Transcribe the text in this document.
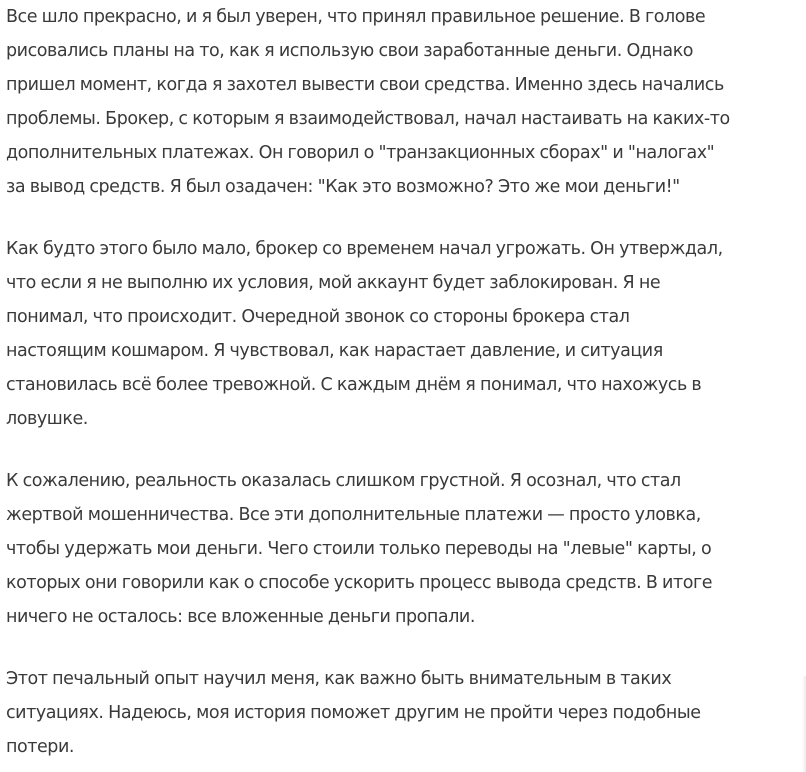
Все шло прекрасно, и я был уверен, что принял правильное решение. В голове
рисовались планы на то, как я использую свои заработанные деньги. Однако
пришел момент, когда я захотел вывести свои средства. Именно здесь начались
проблемы. Брокер, с которым я взаимодействовал, начал настаивать на каких-то
дополнительных платежах. Он говорил о "транзакционных сборах" и "налогах"
за вывод средств. Я был озадачен: "Как это возможно? Это же мои деньги!"

Как будто этого было мало, брокер со временем начал угрожать. Он утверждал,
что если я не выполню их условия, мой аккаунт будет заблокирован. Я не
понимал, что происходит. Очередной звонок со стороны брокера стал
настоящим кошмаром. Я чувствовал, как нарастает давление, и ситуация
становилась всё более тревожной. С каждым днём я понимал, что нахожусь в
ловушке.

К сожалению, реальность оказалась слишком грустной. Я осознал, что стал
жертвой мошенничества. Все эти дополнительные платежи — просто уловка,
чтобы удержать мои деньги. Чего стоили только переводы на "левые" карты, о
которых они говорили как о способе ускорить процесс вывода средств. В итоге
ничего не осталось: все вложенные деньги пропали.

Этот печальный опыт научил меня, как важно быть внимательным в таких
ситуациях. Надеюсь, моя история поможет другим не пройти через подобные
потери.
